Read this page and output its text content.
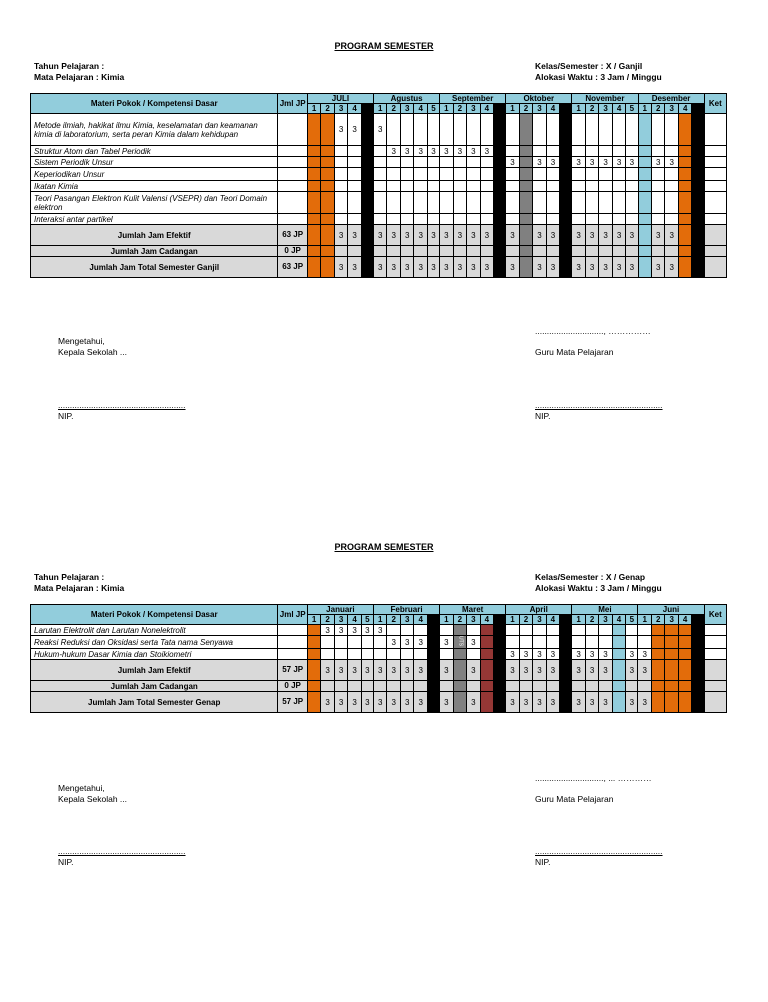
PROGRAM SEMESTER
Tahun Pelajaran :
Mata Pelajaran : Kimia
Kelas/Semester : X / Ganjil
Alokasi Waktu : 3 Jam / Minggu
Materi Pokok / Kompetensi Dasar	Jml JP	JULI					Agustus					September					Oktober					November					Desember					Ket
		1	2	3	4		1	2	3	4	5	1	2	3	4		1	2	3	4		1	2	3	4	5	1	2	3	4		
Metode ilmiah, hakikat ilmu Kimia, keselamatan dan keamanan kimia di laboratorium, serta peran Kimia dalam kehidupan				3	3		3																									
Struktur Atom dan Tabel Periodik								3	3	3	3	3	3	3	3																	
Sistem Periodik Unsur																	3		3	3		3	3	3	3	3		3	3			
Keperiodikan Unsur																	UTS															
Ikatan Kimia																																
Teori Pasangan Elektron Kulit Valensi (VSEPR) dan Teori Domain elektron																																
Interaksi antar partikel																																
Jumlah Jam Efektif	63 JP			3	3		3	3	3	3	3	3	3	3	3		3		3	3		3	3	3	3	3		3	3			
Jumlah Jam Cadangan	0 JP																															
Jumlah Jam Total Semester Ganjil	63 JP			3	3		3	3	3	3	3	3	3	3	3		3		3	3		3	3	3	3	3		3	3			
Mengetahui,
Kepala Sekolah ...
............................., ……………
Guru Mata Pelajaran
......................................................
NIP.
......................................................
NIP.
PROGRAM SEMESTER
Tahun Pelajaran :
Mata Pelajaran : Kimia
Kelas/Semester : X / Genap
Alokasi Waktu : 3 Jam / Minggu
Materi Pokok / Kompetensi Dasar	Jml JP	Januari					Februari					Maret					April					Mei					Juni					Ket
		1	2	3	4	5	1	2	3	4		1	2	3	4		1	2	3	4		1	2	3	4	5	1	2	3	4		
Larutan Elektrolit dan Larutan Nonelektrolit			3	3	3	3	3																									
Reaksi Reduksi dan Oksidasi serta Tata nama Senyawa								3	3	3		3	UTS	3																		
Hukum-hukum Dasar Kimia dan Stoikiometri																	3	3	3	3		3	3	3		3	3					
Jumlah Jam Efektif	57 JP		3	3	3	3	3	3	3	3		3		3			3	3	3	3		3	3	3		3	3					
Jumlah Jam Cadangan	0 JP																															
Jumlah Jam Total Semester Genap	57 JP		3	3	3	3	3	3	3	3		3		3			3	3	3	3		3	3	3		3	3					
Mengetahui,
Kepala Sekolah ...
............................., ... …………
Guru Mata Pelajaran
......................................................
NIP.
......................................................
NIP.
